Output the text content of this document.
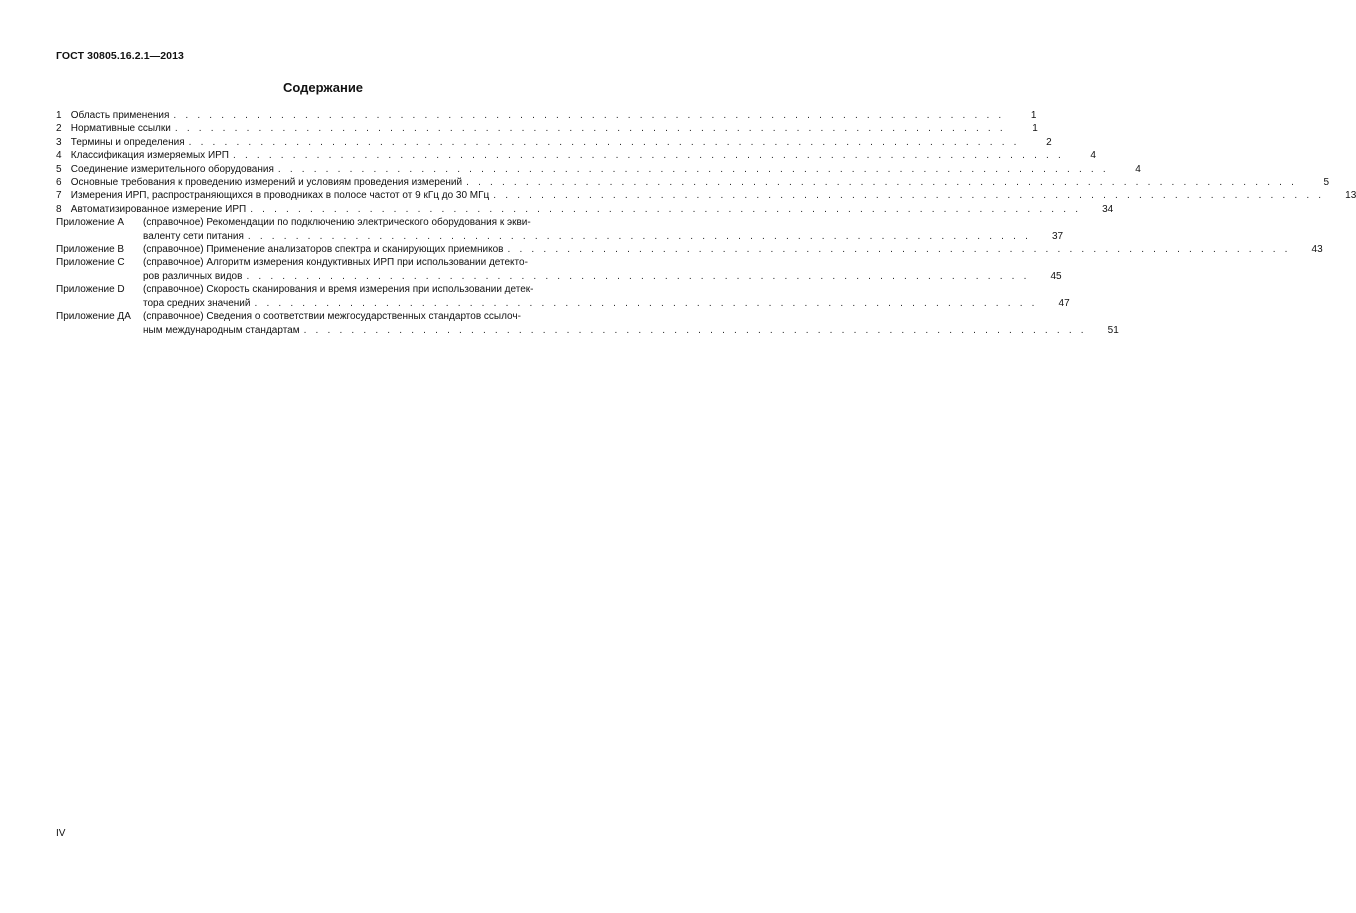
ГОСТ 30805.16.2.1—2013
Содержание
1 Область применения . . . . . . . . . . . . . . . . . . . . . . . . . . . . . . . . . . . . . . . . . . . . . . . . . . . . . . . . . . . . . . . . . . . . . .	1
2 Нормативные ссылки . . . . . . . . . . . . . . . . . . . . . . . . . . . . . . . . . . . . . . . . . . . . . . . . . . . . . . . . . . . . . . . . . . . . . .	1
3 Термины и определения . . . . . . . . . . . . . . . . . . . . . . . . . . . . . . . . . . . . . . . . . . . . . . . . . . . . . . . . . . . . . . . . . . . . . .	2
4 Классификация измеряемых ИРП . . . . . . . . . . . . . . . . . . . . . . . . . . . . . . . . . . . . . . . . . . . . . . . . . . . . . . . . . . . . . . . . . . . . . .	4
5 Соединение измерительного оборудования . . . . . . . . . . . . . . . . . . . . . . . . . . . . . . . . . . . . . . . . . . . . . . . . . . . . . . . . . . . . . . . . . . . . . .	4
6 Основные требования к проведению измерений и условиям проведения измерений . . . . . . . . . . . . . . . . . . . . . . . . . . . . . . . . . . . . . . . . . . . . . . . . . . . . . . . . . . . . . . . . . . . . . .	5
7 Измерения ИРП, распространяющихся в проводниках в полосе частот от 9 кГц до 30 МГц . . . . . . . . . . . . . . . . . . . . . . . . . . . . . . . . . . . . . . . . . . . . . . . . . . . . . . . . . . . . . . . . . . . . . .	13
8 Автоматизированное измерение ИРП . . . . . . . . . . . . . . . . . . . . . . . . . . . . . . . . . . . . . . . . . . . . . . . . . . . . . . . . . . . . . . . . . . . . . .	34
Приложение А	(справочное) Рекомендации по подключению электрического оборудования к экви-
валенту сети питания . . . . . . . . . . . . . . . . . . . . . . . . . . . . . . . . . . . . . . . . . . . . . . . . . . . . . . . . . . . . . . . . . .	37
Приложение В	(справочное) Применение анализаторов спектра и сканирующих приемников . . . . . . . . . . . . . . . . . . . . . . . . . . . . . . . . . . . . . . . . . . . . . . . . . . . . . . . . . . . . . . . . . .	43
Приложение С	(справочное) Алгоритм измерения кондуктивных ИРП при использовании детекто-
ров различных видов . . . . . . . . . . . . . . . . . . . . . . . . . . . . . . . . . . . . . . . . . . . . . . . . . . . . . . . . . . . . . . . . . .	45
Приложение D	(справочное) Скорость сканирования и время измерения при использовании детек-
тора средних значений . . . . . . . . . . . . . . . . . . . . . . . . . . . . . . . . . . . . . . . . . . . . . . . . . . . . . . . . . . . . . . . . . .	47
Приложение ДА	(справочное) Сведения о соответствии межгосударственных стандартов ссылоч-
ным международным стандартам . . . . . . . . . . . . . . . . . . . . . . . . . . . . . . . . . . . . . . . . . . . . . . . . . . . . . . . . . . . . . . . . . .	51
IV
